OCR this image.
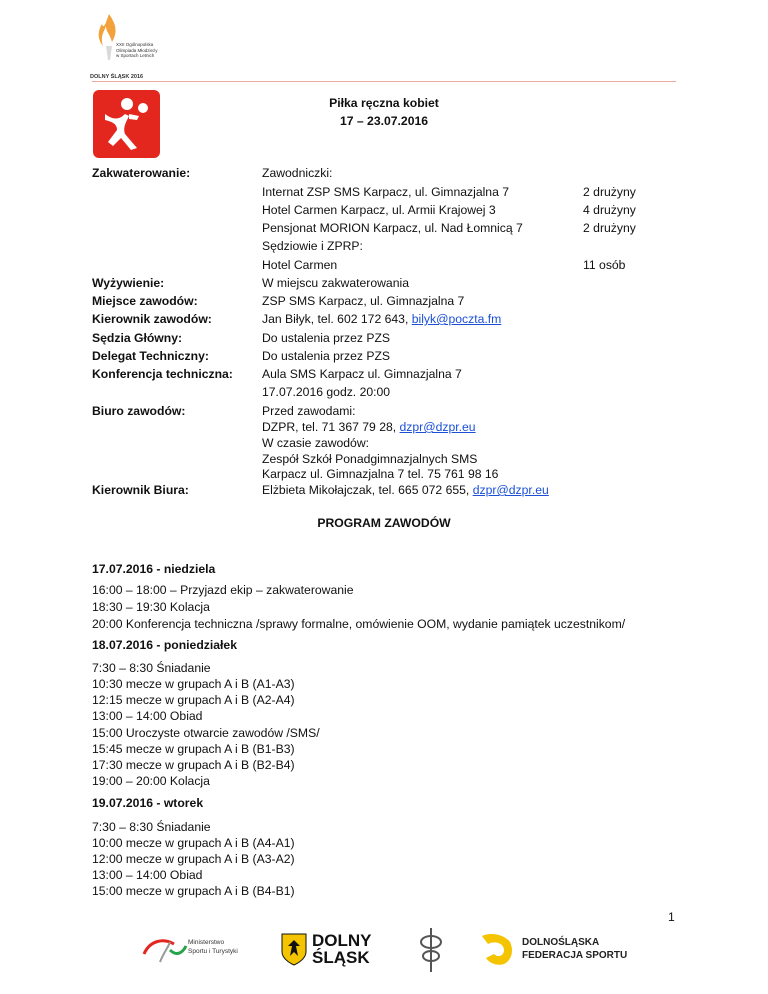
XXII Ogólnopolska
Olimpiada Młodzieży
w Sportach Letnich
DOLNY ŚLĄSK 2016
Piłka ręczna kobiet
17 – 23.07.2016
Zakwaterowanie:	Zawodniczki:
Internat ZSP SMS Karpacz, ul. Gimnazjalna 7	2 drużyny
Hotel Carmen Karpacz, ul. Armii Krajowej 3	4 drużyny
Pensjonat MORION Karpacz, ul. Nad Łomnicą 7	2 drużyny
Sędziowie i ZPRP:
Hotel Carmen	11 osób
Wyżywienie:	W miejscu zakwaterowania
Miejsce zawodów:	ZSP SMS Karpacz, ul. Gimnazjalna 7
Kierownik zawodów:	Jan Biłyk, tel. 602 172 643, bilyk@poczta.fm
Sędzia Główny:	Do ustalenia przez PZS
Delegat Techniczny:	Do ustalenia przez PZS
Konferencja techniczna: Aula SMS Karpacz ul. Gimnazjalna 7
17.07.2016 godz. 20:00
Biuro zawodów:	Przed zawodami:
DZPR, tel. 71 367 79 28, dzpr@dzpr.eu
W czasie zawodów:
Zespół Szkół Ponadgimnazjalnych SMS
Karpacz ul. Gimnazjalna 7 tel. 75 761 98 16
Kierownik Biura:	Elżbieta Mikołajczak, tel. 665 072 655, dzpr@dzpr.eu
PROGRAM ZAWODÓW
17.07.2016 - niedziela
16:00 – 18:00 – Przyjazd ekip – zakwaterowanie
18:30 – 19:30 Kolacja
20:00 Konferencja techniczna /sprawy formalne, omówienie OOM, wydanie pamiątek uczestnikom/
18.07.2016 - poniedziałek
7:30 – 8:30 Śniadanie
10:30 mecze w grupach A i B (A1-A3)
12:15 mecze w grupach A i B (A2-A4)
13:00 – 14:00 Obiad
15:00 Uroczyste otwarcie zawodów /SMS/
15:45 mecze w grupach A i B (B1-B3)
17:30 mecze w grupach A i B (B2-B4)
19:00 – 20:00 Kolacja
19.07.2016 - wtorek
7:30 – 8:30 Śniadanie
10:00 mecze w grupach A i B (A4-A1)
12:00 mecze w grupach A i B (A3-A2)
13:00 – 14:00 Obiad
15:00 mecze w grupach A i B (B4-B1)
1
Ministerstwo
Sportu i Turystyki
DOLNY
ŚLĄSK
DOLNOŚLĄSKA
FEDERACJA SPORTU
